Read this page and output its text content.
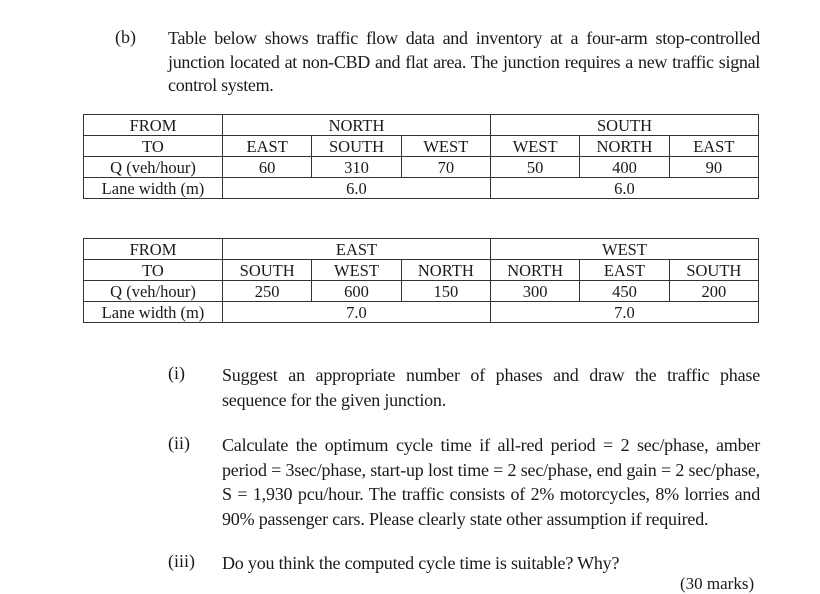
(b) Table below shows traffic flow data and inventory at a four-arm stop-controlled junction located at non-CBD and flat area. The junction requires a new traffic signal control system.
FROM	NORTH			SOUTH		
TO	EAST	SOUTH	WEST	WEST	NORTH	EAST
Q (veh/hour)	60	310	70	50	400	90
Lane width (m)	6.0			6.0		
FROM	EAST			WEST		
TO	SOUTH	WEST	NORTH	NORTH	EAST	SOUTH
Q (veh/hour)	250	600	150	300	450	200
Lane width (m)	7.0			7.0		
(i) Suggest an appropriate number of phases and draw the traffic phase sequence for the given junction.
(ii) Calculate the optimum cycle time if all-red period = 2 sec/phase, amber period = 3sec/phase, start-up lost time = 2 sec/phase, end gain = 2 sec/phase, S = 1,930 pcu/hour. The traffic consists of 2% motorcycles, 8% lorries and 90% passenger cars. Please clearly state other assumption if required.
(iii) Do you think the computed cycle time is suitable? Why?
(30 marks)
